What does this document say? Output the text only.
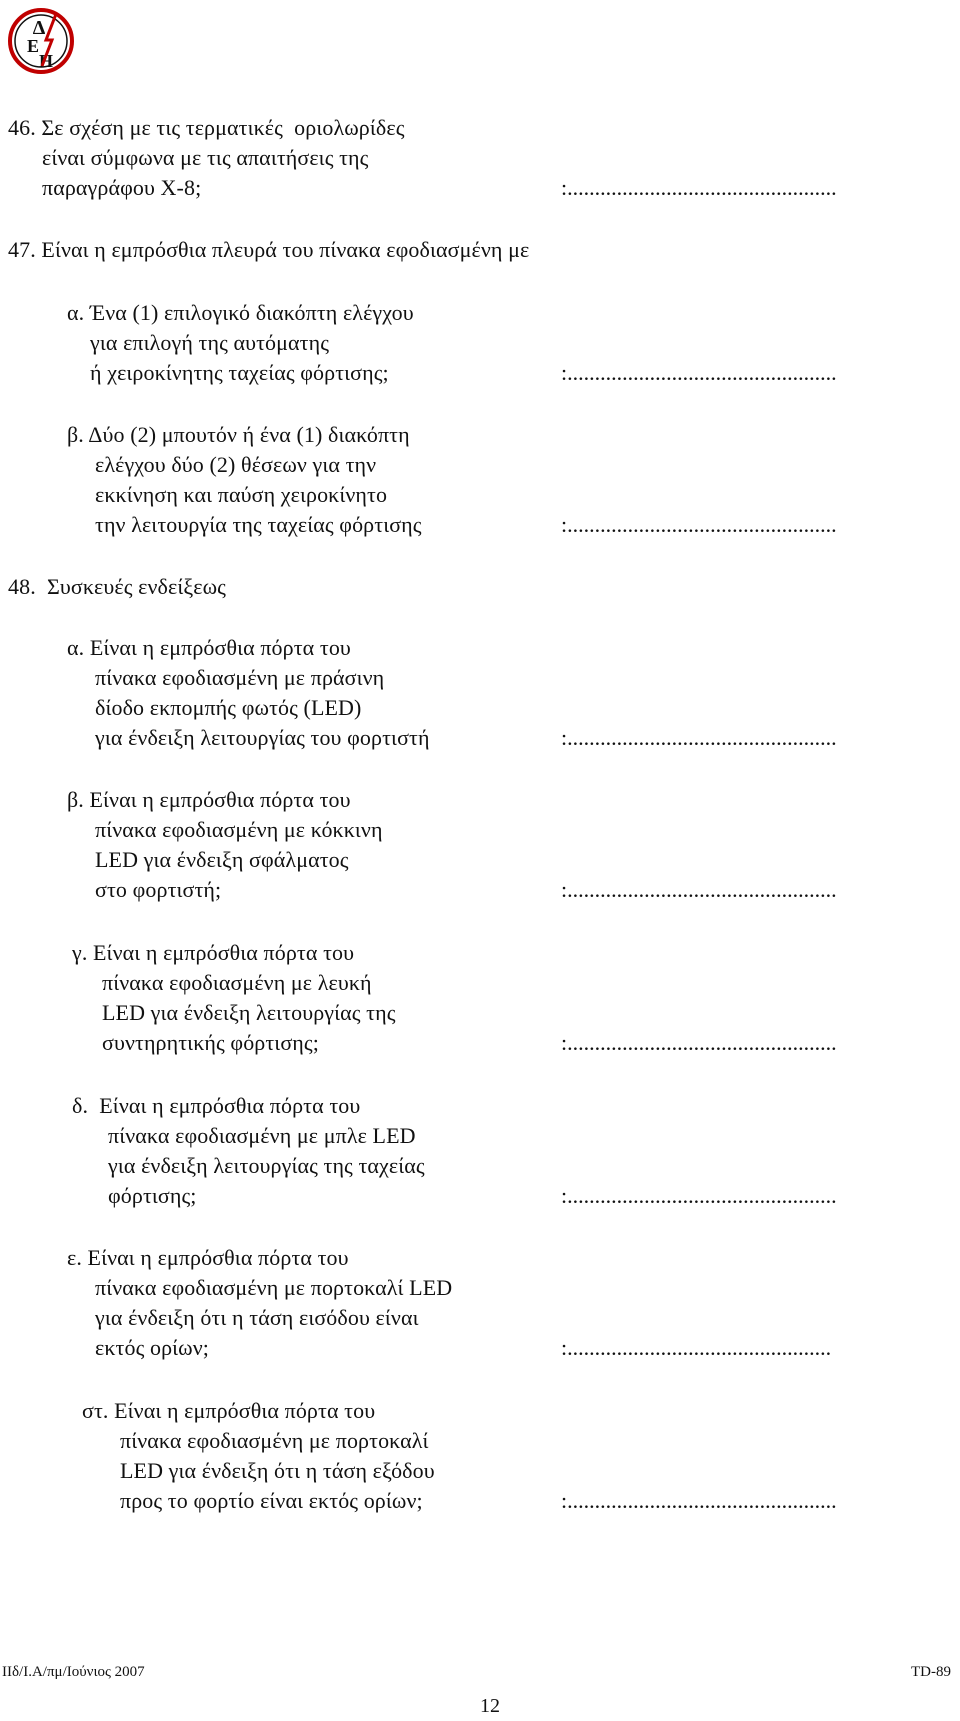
Δ
Ε
Η
46. Σε σχέση με τις τερματικές  οριολωρίδες
είναι σύμφωνα με τις απαιτήσεις της
παραγράφου Χ-8;	:.................................................
47. Είναι η εμπρόσθια πλευρά του πίνακα εφοδιασμένη με
α. Ένα (1) επιλογικό διακόπτη ελέγχου
για επιλογή της αυτόματης
ή χειροκίνητης ταχείας φόρτισης;	:.................................................
β. Δύο (2) μπουτόν ή ένα (1) διακόπτη
ελέγχου δύο (2) θέσεων για την
εκκίνηση και παύση χειροκίνητο
την λειτουργία της ταχείας φόρτισης	:.................................................
48.  Συσκευές ενδείξεως
α. Είναι η εμπρόσθια πόρτα του
πίνακα εφοδιασμένη με πράσινη
δίοδο εκπομπής φωτός (LED)
για ένδειξη λειτουργίας του φορτιστή	:.................................................
β. Είναι η εμπρόσθια πόρτα του
πίνακα εφοδιασμένη με κόκκινη
LED για ένδειξη σφάλματος
στο φορτιστή;	:.................................................
γ. Είναι η εμπρόσθια πόρτα του
πίνακα εφοδιασμένη με λευκή
LED για ένδειξη λειτουργίας της
συντηρητικής φόρτισης;	:.................................................
δ.  Είναι η εμπρόσθια πόρτα του
πίνακα εφοδιασμένη με μπλε LED
για ένδειξη λειτουργίας της ταχείας
φόρτισης;	:.................................................
ε. Είναι η εμπρόσθια πόρτα του
πίνακα εφοδιασμένη με πορτοκαλί LED
για ένδειξη ότι η τάση εισόδου είναι
εκτός ορίων;	:................................................
στ. Είναι η εμπρόσθια πόρτα του
πίνακα εφοδιασμένη με πορτοκαλί
LED για ένδειξη ότι η τάση εξόδου
προς το φορτίο είναι εκτός ορίων;	:.................................................
ΙΙδ/Ι.Α/πμ/Ιούνιος 2007	TD-89
12
